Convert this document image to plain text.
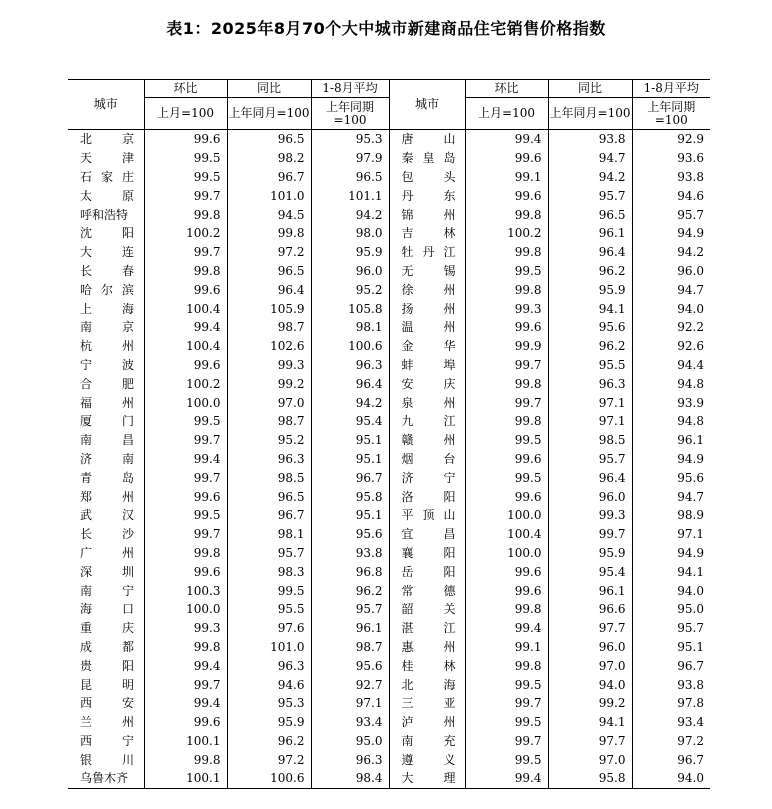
表1：2025年8月70个大中城市新建商品住宅销售价格指数
城市	环比	同比	1-8月平均	城市	环比	同比	1-8月平均
	上月=100	上年同月=100	上年同期=100		上月=100	上年同月=100	上年同期=100

北 京	99.6	96.5	95.3	唐 山	99.4	93.8	92.9

天 津	99.5	98.2	97.9	秦 皇 岛	99.6	94.7	93.6

石 家 庄	99.5	96.7	96.5	包 头	99.1	94.2	93.8

太 原	99.7	101.0	101.1	丹 东	99.6	95.7	94.6

呼 和 浩 特	99.8	94.5	94.2	锦 州	99.8	96.5	95.7

沈 阳	100.2	99.8	98.0	吉 林	100.2	96.1	94.9

大 连	99.7	97.2	95.9	牡 丹 江	99.8	96.4	94.2

长 春	99.8	96.5	96.0	无 锡	99.5	96.2	96.0

哈 尔 滨	99.6	96.4	95.2	徐 州	99.8	95.9	94.7

上 海	100.4	105.9	105.8	扬 州	99.3	94.1	94.0

南 京	99.4	98.7	98.1	温 州	99.6	95.6	92.2

杭 州	100.4	102.6	100.6	金 华	99.9	96.2	92.6

宁 波	99.6	99.3	96.3	蚌 埠	99.7	95.5	94.4

合 肥	100.2	99.2	96.4	安 庆	99.8	96.3	94.8

福 州	100.0	97.0	94.2	泉 州	99.7	97.1	93.9

厦 门	99.5	98.7	95.4	九 江	99.8	97.1	94.8

南 昌	99.7	95.2	95.1	赣 州	99.5	98.5	96.1

济 南	99.4	96.3	95.1	烟 台	99.6	95.7	94.9

青 岛	99.7	98.5	96.7	济 宁	99.5	96.4	95.6

郑 州	99.6	96.5	95.8	洛 阳	99.6	96.0	94.7

武 汉	99.5	96.7	95.1	平 顶 山	100.0	99.3	98.9

长 沙	99.7	98.1	95.6	宜 昌	100.4	99.7	97.1

广 州	99.8	95.7	93.8	襄 阳	100.0	95.9	94.9

深 圳	99.6	98.3	96.8	岳 阳	99.6	95.4	94.1

南 宁	100.3	99.5	96.2	常 德	99.6	96.1	94.0

海 口	100.0	95.5	95.7	韶 关	99.8	96.6	95.0

重 庆	99.3	97.6	96.1	湛 江	99.4	97.7	95.7

成 都	99.8	101.0	98.7	惠 州	99.1	96.0	95.1

贵 阳	99.4	96.3	95.6	桂 林	99.8	97.0	96.7

昆 明	99.7	94.6	92.7	北 海	99.5	94.0	93.8

西 安	99.4	95.3	97.1	三 亚	99.7	99.2	97.8

兰 州	99.6	95.9	93.4	泸 州	99.5	94.1	93.4

西 宁	100.1	96.2	95.0	南 充	99.7	97.7	97.2

银 川	99.8	97.2	96.3	遵 义	99.5	97.0	96.7

乌 鲁 木 齐	100.1	100.6	98.4	大 理	99.4	95.8	94.0
